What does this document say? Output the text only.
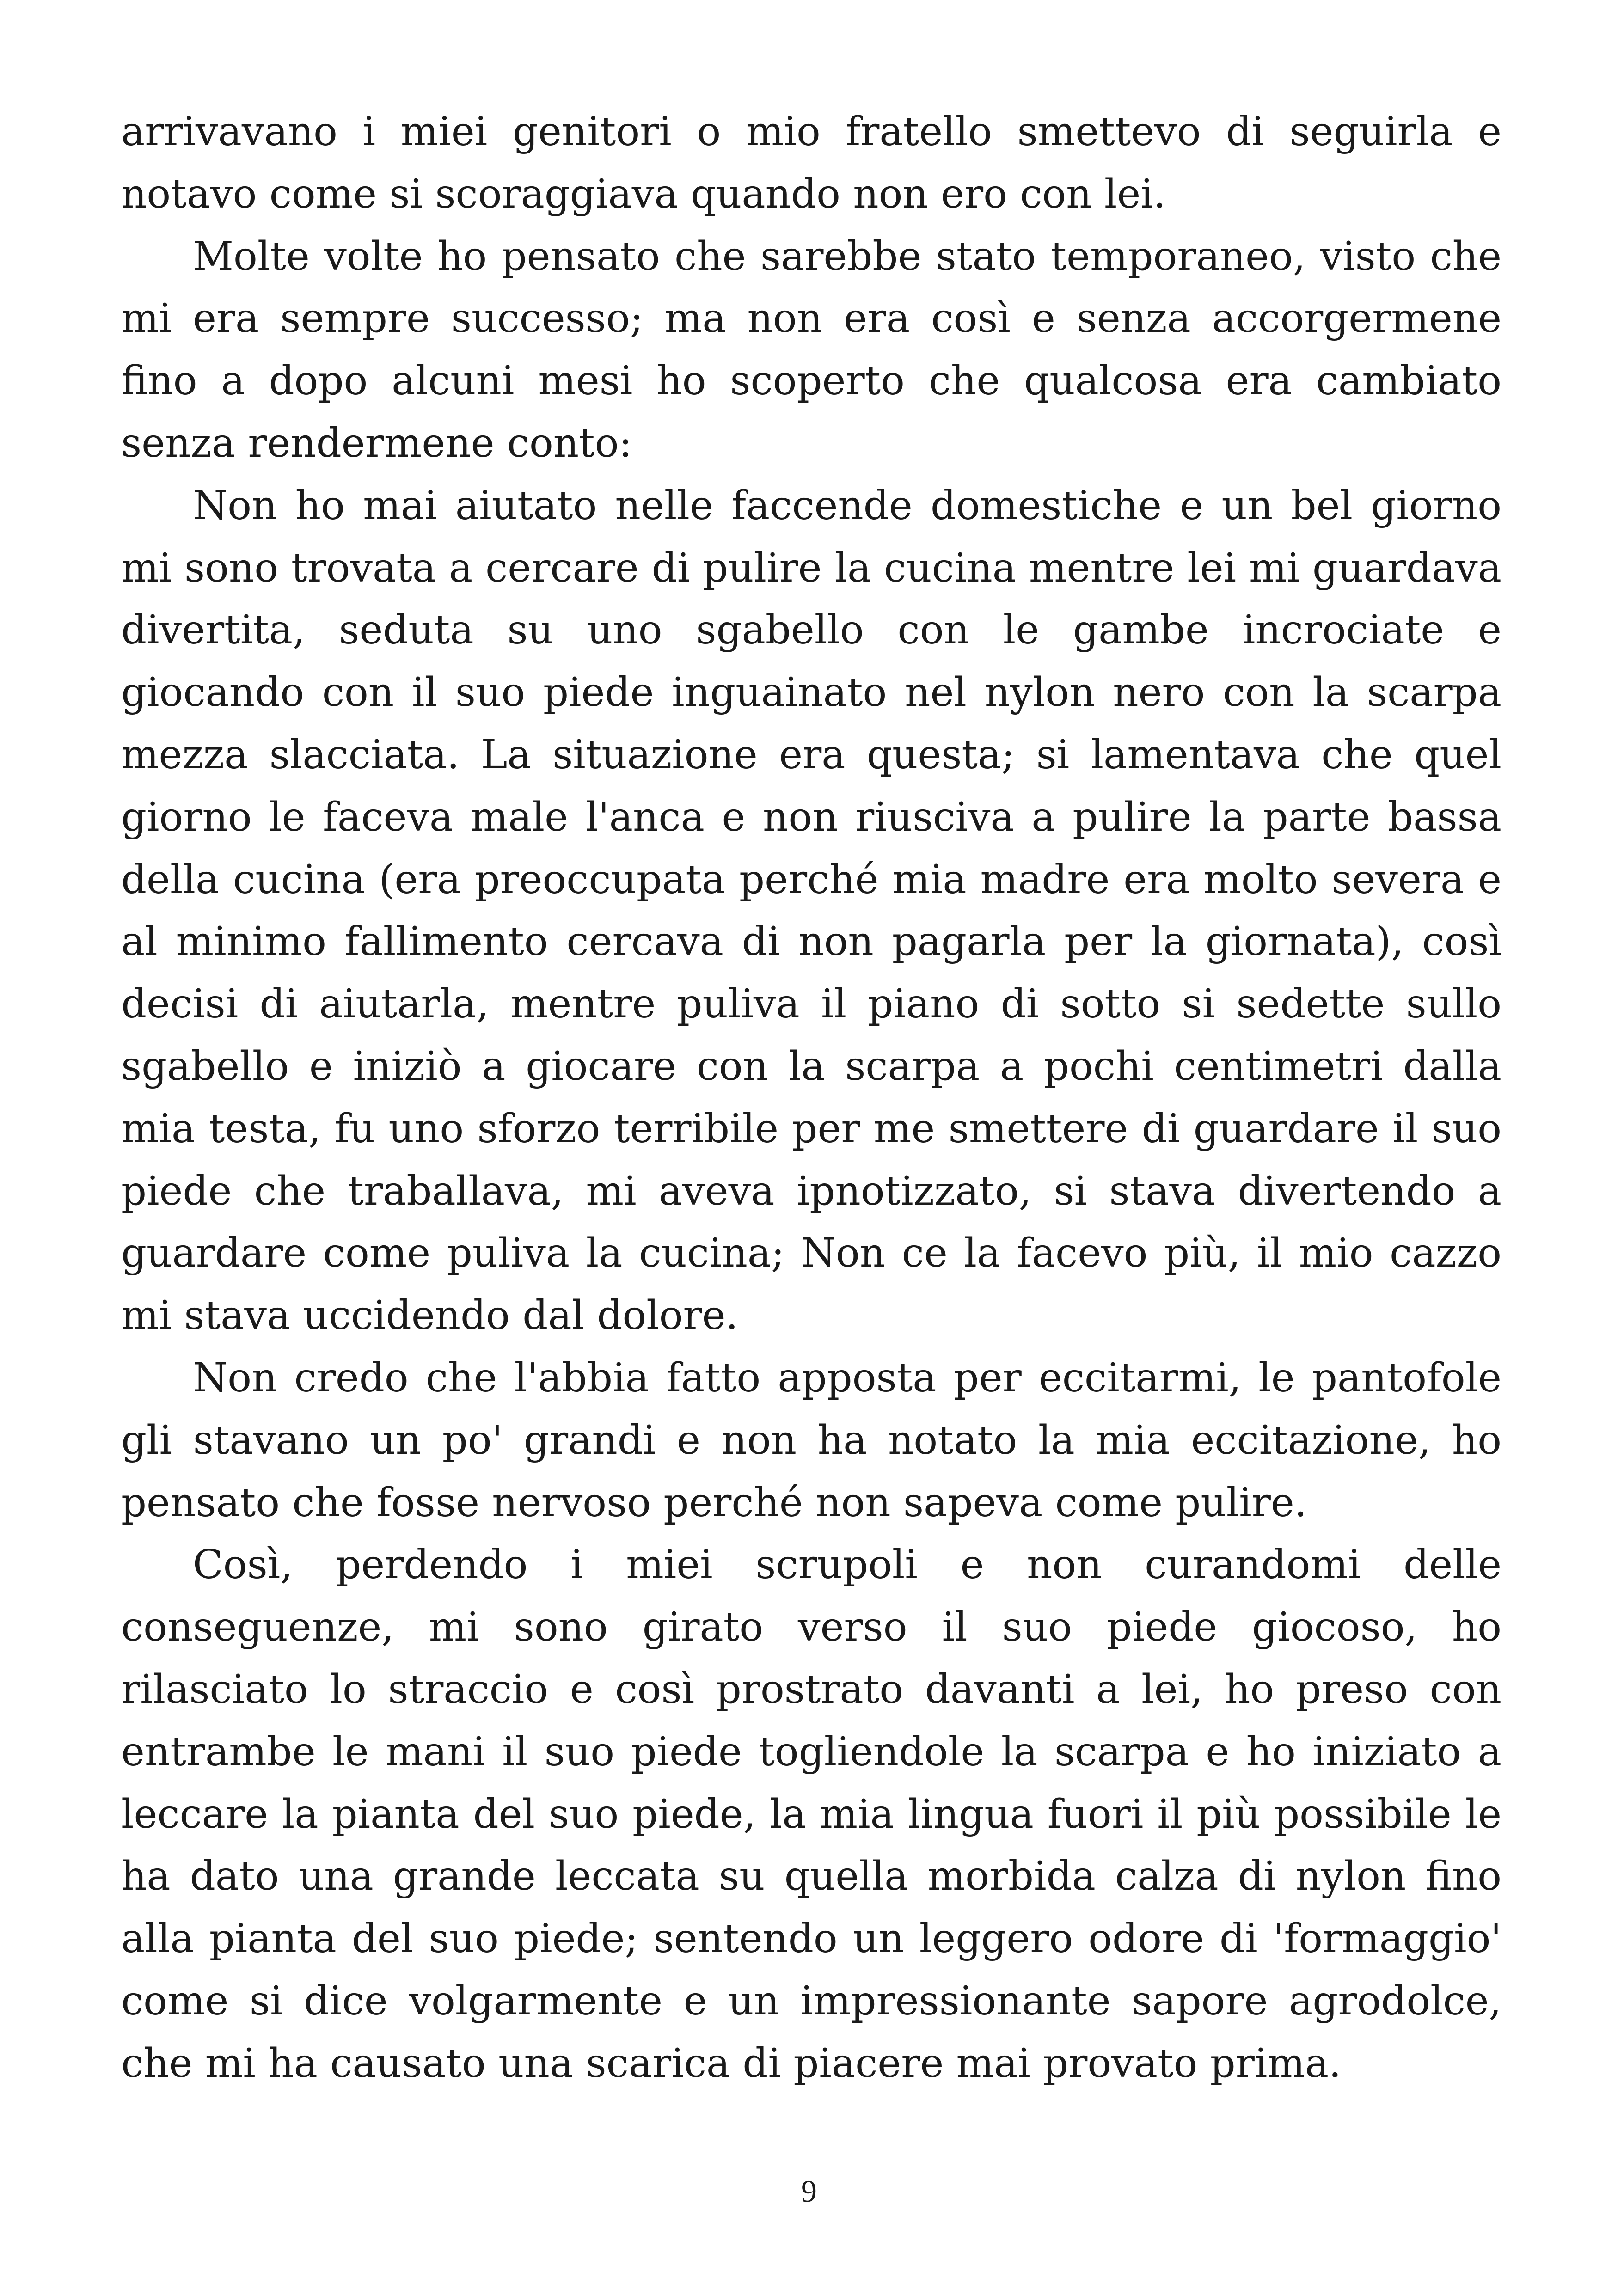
arrivavano i miei genitori o mio fratello smettevo di seguirla e notavo come si scoraggiava quando non ero con lei.

Molte volte ho pensato che sarebbe stato temporaneo, visto che mi era sempre successo; ma non era così e senza accorgermene fino a dopo alcuni mesi ho scoperto che qualcosa era cambiato senza rendermene conto:

Non ho mai aiutato nelle faccende domestiche e un bel giorno mi sono trovata a cercare di pulire la cucina mentre lei mi guardava divertita, seduta su uno sgabello con le gambe incrociate e giocando con il suo piede inguainato nel nylon nero con la scarpa mezza slacciata. La situazione era questa; si lamentava che quel giorno le faceva male l'anca e non riusciva a pulire la parte bassa della cucina (era preoccupata perché mia madre era molto severa e al minimo fallimento cercava di non pagarla per la giornata), così decisi di aiutarla, mentre puliva il piano di sotto si sedette sullo sgabello e iniziò a giocare con la scarpa a pochi centimetri dalla mia testa, fu uno sforzo terribile per me smettere di guardare il suo piede che traballava, mi aveva ipnotizzato, si stava divertendo a guardare come puliva la cucina; Non ce la facevo più, il mio cazzo mi stava uccidendo dal dolore.

Non credo che l'abbia fatto apposta per eccitarmi, le pantofole gli stavano un po' grandi e non ha notato la mia eccitazione, ho pensato che fosse nervoso perché non sapeva come pulire.

Così, perdendo i miei scrupoli e non curandomi delle conseguenze, mi sono girato verso il suo piede giocoso, ho rilasciato lo straccio e così prostrato davanti a lei, ho preso con entrambe le mani il suo piede togliendole la scarpa e ho iniziato a leccare la pianta del suo piede, la mia lingua fuori il più possibile le ha dato una grande leccata su quella morbida calza di nylon fino alla pianta del suo piede; sentendo un leggero odore di 'formaggio' come si dice volgarmente e un impressionante sapore agrodolce, che mi ha causato una scarica di piacere mai provato prima.

9
